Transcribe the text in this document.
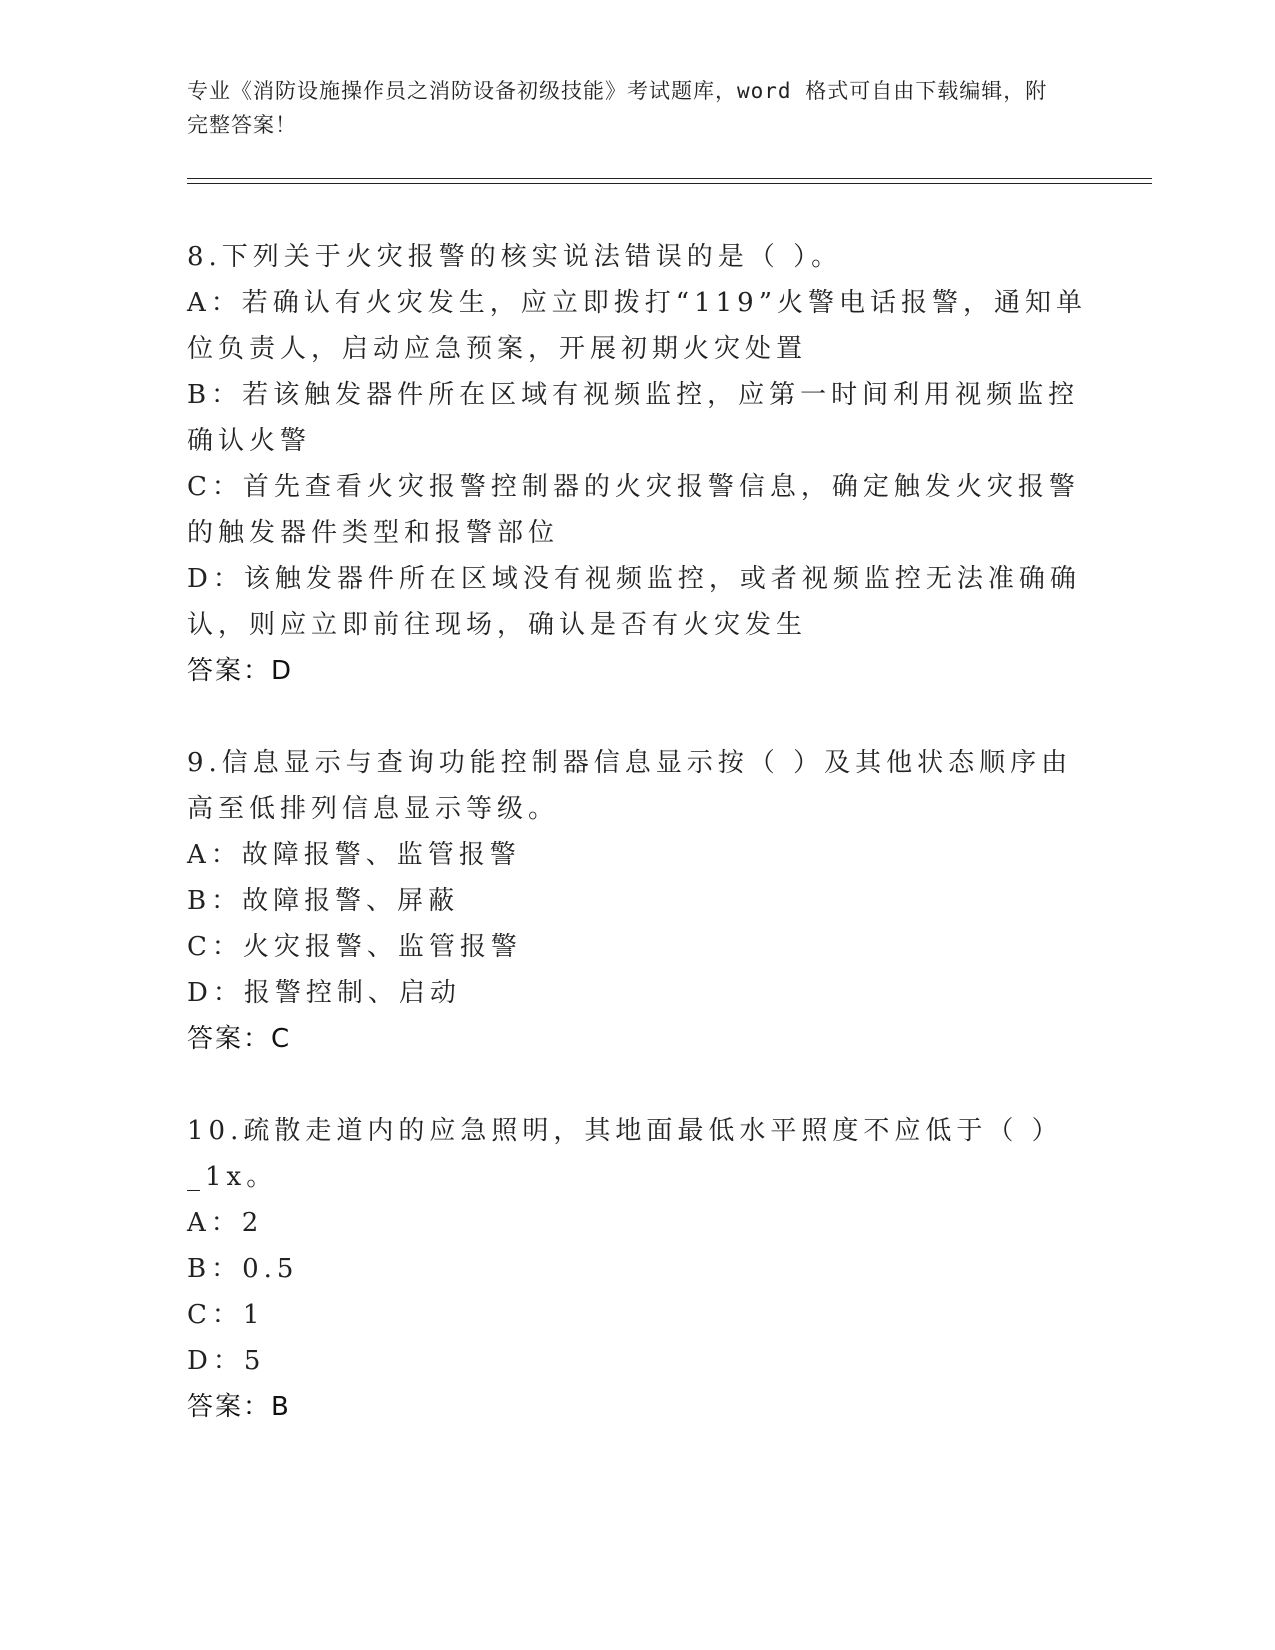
专业《消防设施操作员之消防设备初级技能》考试题库，word 格式可自由下载编辑，附完整答案！
8.下列关于火灾报警的核实说法错误的是（ ）。
A：若确认有火灾发生，应立即拨打“119”火警电话报警，通知单位负责人，启动应急预案，开展初期火灾处置
B：若该触发器件所在区域有视频监控，应第一时间利用视频监控确认火警
C：首先查看火灾报警控制器的火灾报警信息，确定触发火灾报警的触发器件类型和报警部位
D：该触发器件所在区域没有视频监控，或者视频监控无法准确确认，则应立即前往现场，确认是否有火灾发生
答案：D
9.信息显示与查询功能控制器信息显示按（ ）及其他状态顺序由高至低排列信息显示等级。
A：故障报警、监管报警
B：故障报警、屏蔽
C：火灾报警、监管报警
D：报警控制、启动
答案：C
10.疏散走道内的应急照明，其地面最低水平照度不应低于（ ）_1x。
A：2
B：0.5
C：1
D：5
答案：B
